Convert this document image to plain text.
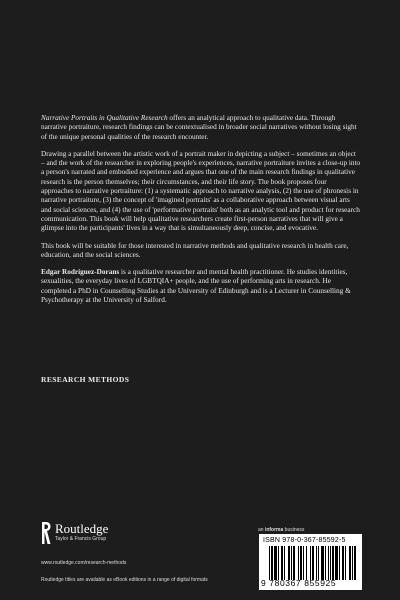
Narrative Portraits in Qualitative Research offers an analytical approach to qualitative data. Through narrative portraiture, research findings can be contextualised in broader social narratives without losing sight of the unique personal qualities of the research encounter.

Drawing a parallel between the artistic work of a portrait maker in depicting a subject – sometimes an object – and the work of the researcher in exploring people's experiences, narrative portraiture invites a close-up into a person's narrated and embodied experience and argues that one of the main research findings in qualitative research is the person themselves; their circumstances, and their life story. The book proposes four approaches to narrative portraiture: (1) a systematic approach to narrative analysis, (2) the use of phronesis in narrative portraiture, (3) the concept of 'imagined portraits' as a collaborative approach between visual arts and social sciences, and (4) the use of 'performative portraits' both as an analytic tool and product for research communication. This book will help qualitative researchers create first-person narratives that will give a glimpse into the participants' lives in a way that is simultaneously deep, concise, and evocative.

This book will be suitable for those interested in narrative methods and qualitative research in health care, education, and the social sciences.

Edgar Rodríguez-Dorans is a qualitative researcher and mental health practitioner. He studies identities, sexualities, the everyday lives of LGBTQIA+ people, and the use of performing arts in research. He completed a PhD in Counselling Studies at the University of Edinburgh and is a Lecturer in Counselling & Psychotherapy at the University of Salford.

RESEARCH METHODS
Routledge
Taylor & Francis Group
www.routledge.com/research-methods
Routledge titles are available as eBook editions in a range of digital formats
an informa business
ISBN 978-0-367-85592-5
9 780367 855925
